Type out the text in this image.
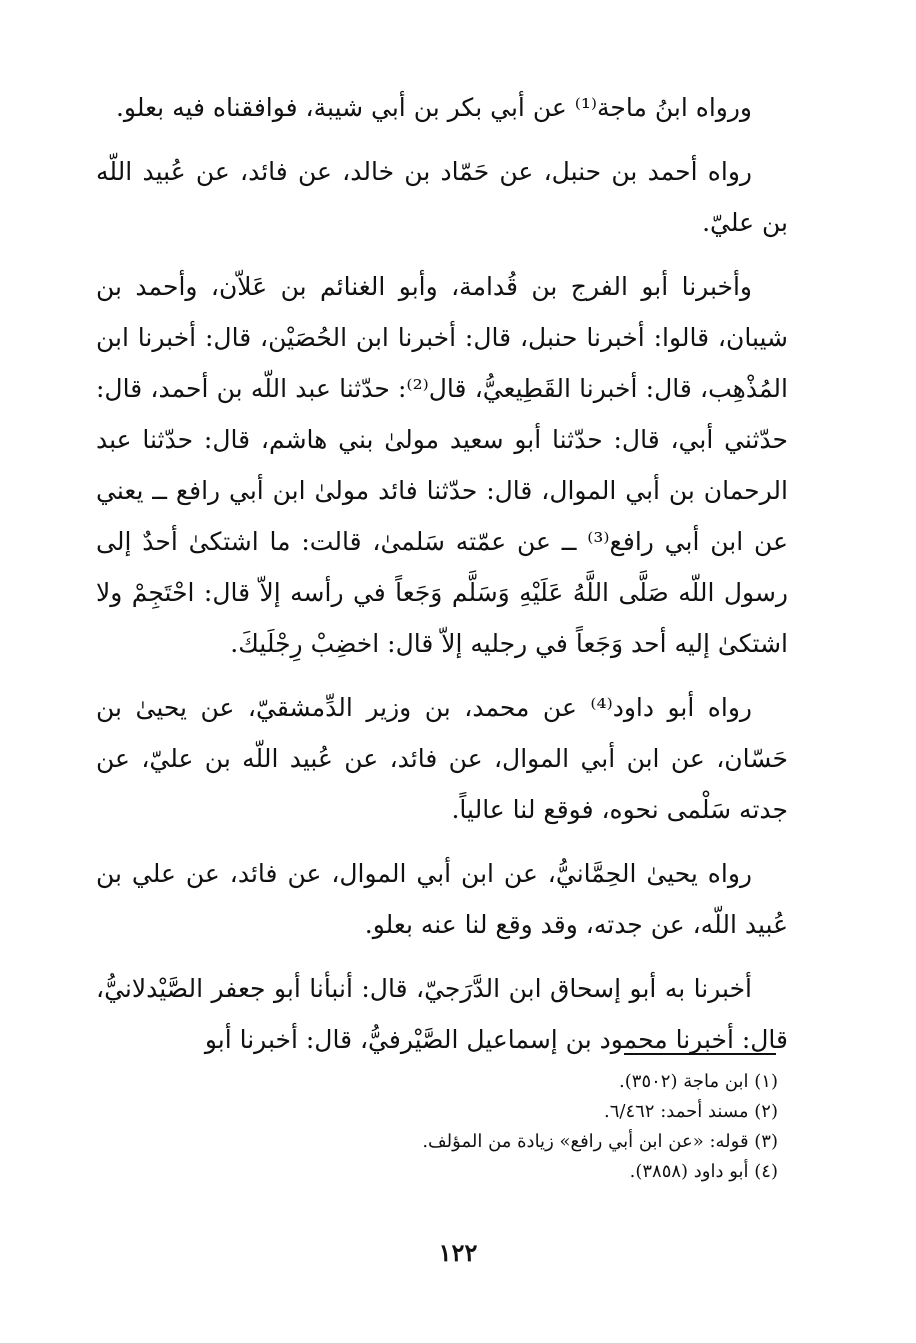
ورواه ابنُ ماجة⁽¹⁾ عن أبي بكر بن أبي شيبة، فوافقناه فيه بعلو.

رواه أحمد بن حنبل، عن حَمّاد بن خالد، عن فائد، عن عُبيد اللّه بن عليّ.

وأخبرنا أبو الفرج بن قُدامة، وأبو الغنائم بن عَلاّن، وأحمد بن شيبان، قالوا: أخبرنا حنبل، قال: أخبرنا ابن الحُصَيْن، قال: أخبرنا ابن المُذْهِب، قال: أخبرنا القَطِيعيُّ، قال⁽²⁾: حدّثنا عبد اللّه بن أحمد، قال: حدّثني أبي، قال: حدّثنا أبو سعيد مولىٰ بني هاشم، قال: حدّثنا عبد الرحمان بن أبي الموال، قال: حدّثنا فائد مولىٰ ابن أبي رافع ــ يعني عن ابن أبي رافع⁽³⁾ ــ عن عمّته سَلمىٰ، قالت: ما اشتكىٰ أحدٌ إلى رسول اللّه صَلَّى اللَّهُ عَلَيْهِ وَسَلَّم وَجَعاً في رأسه إلاّ قال: احْتَجِمْ ولا اشتكىٰ إليه أحد وَجَعاً في رجليه إلاّ قال: اخضِبْ رِجْلَيكَ.

رواه أبو داود⁽⁴⁾ عن محمد، بن وزير الدِّمشقيّ، عن يحيىٰ بن حَسّان، عن ابن أبي الموال، عن فائد، عن عُبيد اللّه بن عليّ، عن جدته سَلْمى نحوه، فوقع لنا عالياً.

رواه يحيىٰ الحِمَّانيُّ، عن ابن أبي الموال، عن فائد، عن علي بن عُبيد اللّه، عن جدته، وقد وقع لنا عنه بعلو.

أخبرنا به أبو إسحاق ابن الدَّرَجيّ، قال: أنبأنا أبو جعفر الصَّيْدلانيُّ، قال: أخبرنا محمود بن إسماعيل الصَّيْرفيُّ، قال: أخبرنا أبو

(١) ابن ماجة (٣٥٠٢).

(٢) مسند أحمد: ٦/٤٦٢.

(٣) قوله: «عن ابن أبي رافع» زيادة من المؤلف.

(٤) أبو داود (٣٨٥٨).

١٢٢
